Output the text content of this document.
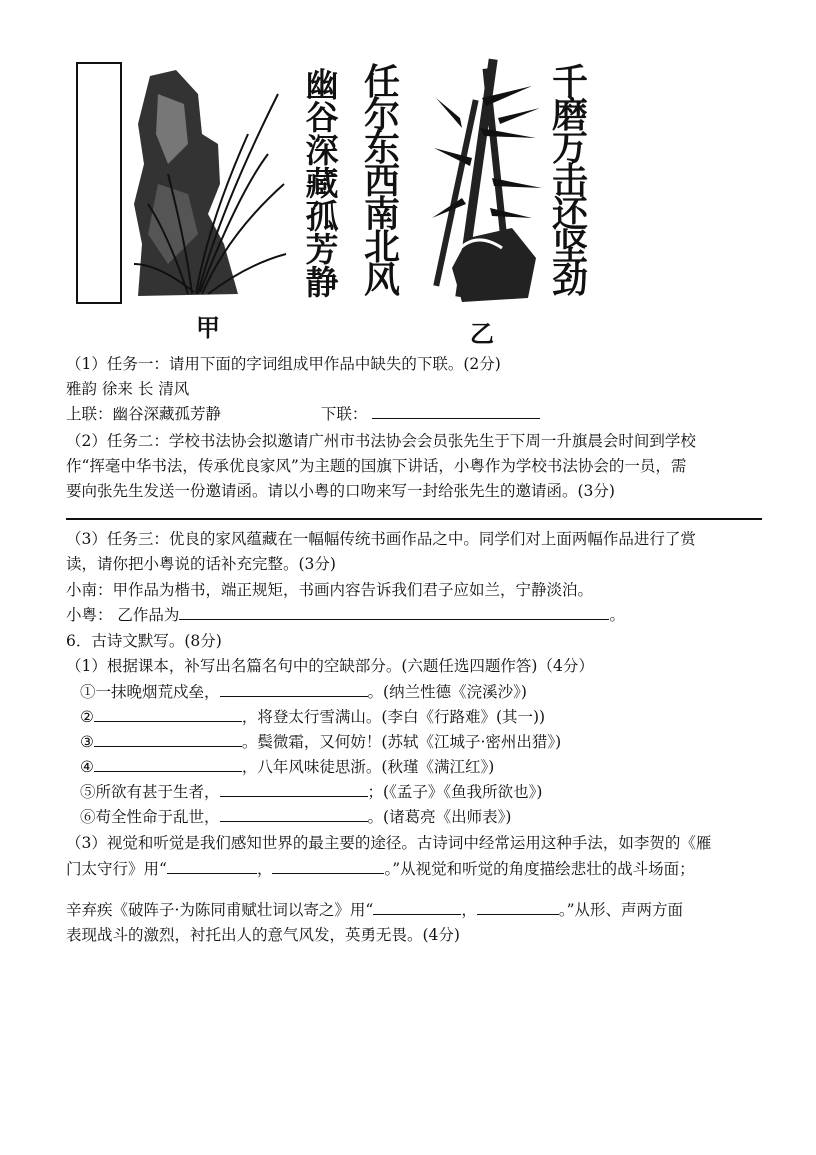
幽
谷
深
藏
孤
芳
静
任
尔
东
西
南
北
风
千
磨
万
击
还
坚
劲
甲	乙
（1）任务一：请用下面的字词组成甲作品中缺失的下联。(2分)
雅韵 徐来 长 清风
上联：幽谷深藏孤芳静	下联：
（2）任务二：学校书法协会拟邀请广州市书法协会会员张先生于下周一升旗晨会时间到学校
作“挥毫中华书法，传承优良家风”为主题的国旗下讲话，小粤作为学校书法协会的一员，需
要向张先生发送一份邀请函。请以小粤的口吻来写一封给张先生的邀请函。(3分)
（3）任务三：优良的家风蕴藏在一幅幅传统书画作品之中。同学们对上面两幅作品进行了赏
读，请你把小粤说的话补充完整。(3分)
小南：甲作品为楷书，端正规矩，书画内容告诉我们君子应如兰，宁静淡泊。
小粤： 乙作品为	。
6．古诗文默写。(8分)
（1）根据课本，补写出名篇名句中的空缺部分。(六题任选四题作答)（4分）
①一抹晚烟荒戍垒，	。(纳兰性德《浣溪沙》)
②	，将登太行雪满山。(李白《行路难》(其一))
③	。鬓微霜，又何妨！(苏轼《江城子·密州出猎》)
④	，八年风味徒思浙。(秋瑾《满江红》)
⑤所欲有甚于生者，	；(《孟子》《鱼我所欲也》)
⑥苟全性命于乱世，	。(诸葛亮《出师表》)
（3）视觉和听觉是我们感知世界的最主要的途径。古诗词中经常运用这种手法，如李贺的《雁
门太守行》用“	，	。”从视觉和听觉的角度描绘悲壮的战斗场面；
辛弃疾《破阵子·为陈同甫赋壮词以寄之》用“	，	。”从形、声两方面
表现战斗的激烈，衬托出人的意气风发，英勇无畏。(4分)
